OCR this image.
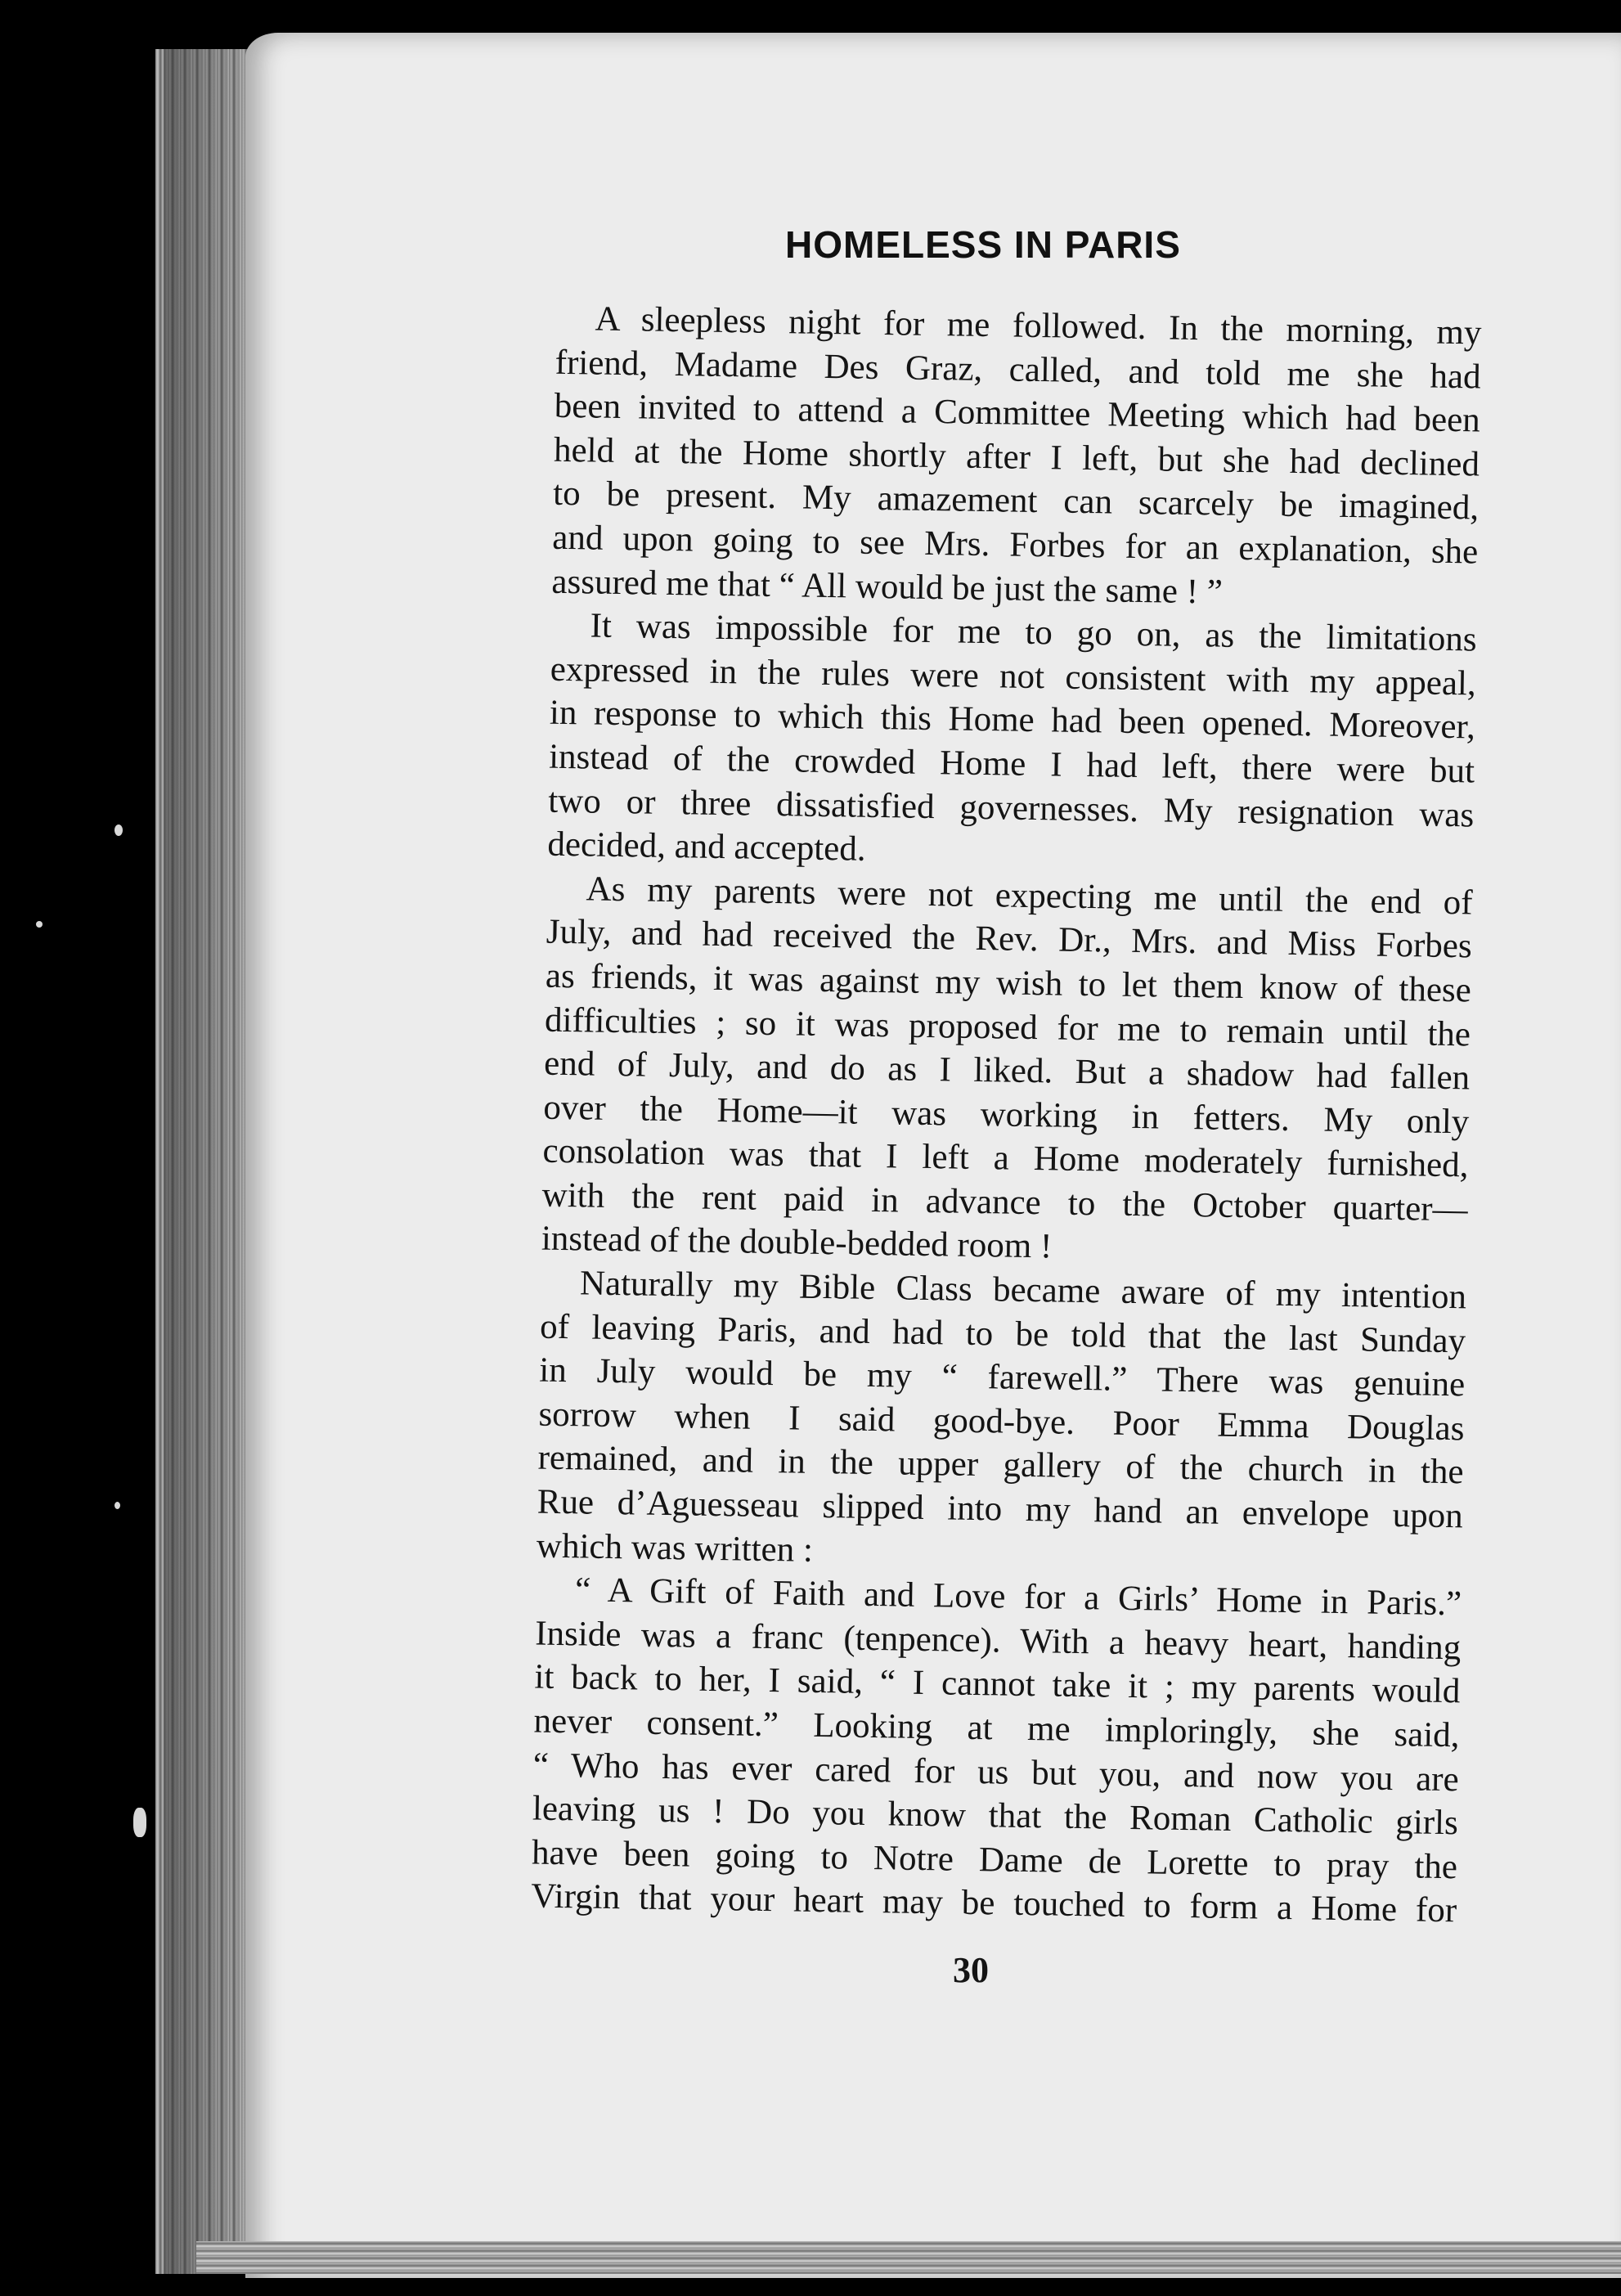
HOMELESS IN PARIS
A sleepless night for me followed. In the morning, my
friend, Madame Des Graz, called, and told me she had
been invited to attend a Committee Meeting which had been
held at the Home shortly after I left, but she had declined
to be present. My amazement can scarcely be imagined,
and upon going to see Mrs. Forbes for an explanation, she
assured me that “ All would be just the same ! ”
It was impossible for me to go on, as the limitations
expressed in the rules were not consistent with my appeal,
in response to which this Home had been opened. Moreover,
instead of the crowded Home I had left, there were but
two or three dissatisfied governesses. My resignation was
decided, and accepted.
As my parents were not expecting me until the end of
July, and had received the Rev. Dr., Mrs. and Miss Forbes
as friends, it was against my wish to let them know of these
difficulties ; so it was proposed for me to remain until the
end of July, and do as I liked. But a shadow had fallen
over the Home—it was working in fetters. My only
consolation was that I left a Home moderately furnished,
with the rent paid in advance to the October quarter—
instead of the double-bedded room !
Naturally my Bible Class became aware of my intention
of leaving Paris, and had to be told that the last Sunday
in July would be my “ farewell.” There was genuine
sorrow when I said good-bye. Poor Emma Douglas
remained, and in the upper gallery of the church in the
Rue d’Aguesseau slipped into my hand an envelope upon
which was written :
“ A Gift of Faith and Love for a Girls’ Home in Paris.”
Inside was a franc (tenpence). With a heavy heart, handing
it back to her, I said, “ I cannot take it ; my parents would
never consent.” Looking at me imploringly, she said,
“ Who has ever cared for us but you, and now you are
leaving us ! Do you know that the Roman Catholic girls
have been going to Notre Dame de Lorette to pray the
Virgin that your heart may be touched to form a Home for
30
